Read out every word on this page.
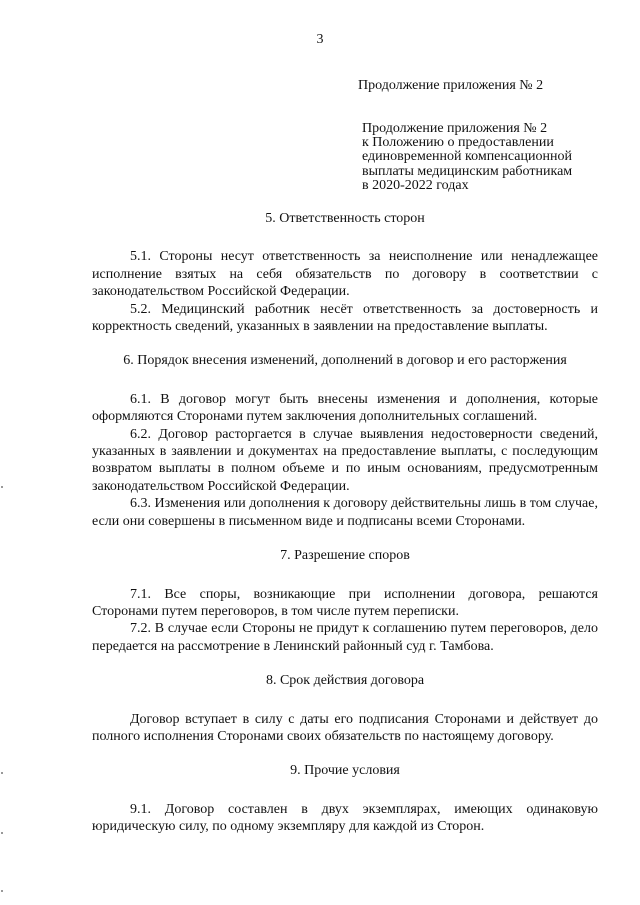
3
Продолжение приложения № 2
Продолжение приложения № 2
к Положению о предоставлении
единовременной компенсационной
выплаты медицинским работникам
в 2020-2022 годах

5. Ответственность сторон

5.1. Стороны несут ответственность за неисполнение или ненадлежащее исполнение взятых на себя обязательств по договору в соответствии с законодательством Российской Федерации.

5.2. Медицинский работник несёт ответственность за достоверность и корректность сведений, указанных в заявлении на предоставление выплаты.

6. Порядок внесения изменений, дополнений в договор и его расторжения

6.1. В договор могут быть внесены изменения и дополнения, которые оформляются Сторонами путем заключения дополнительных соглашений.

6.2. Договор расторгается в случае выявления недостоверности сведений, указанных в заявлении и документах на предоставление выплаты, с последующим возвратом выплаты в полном объеме и по иным основаниям, предусмотренным законодательством Российской Федерации.

6.3. Изменения или дополнения к договору действительны лишь в том случае, если они совершены в письменном виде и подписаны всеми Сторонами.

7. Разрешение споров

7.1. Все споры, возникающие при исполнении договора, решаются Сторонами путем переговоров, в том числе путем переписки.

7.2. В случае если Стороны не придут к соглашению путем переговоров, дело передается на рассмотрение в Ленинский районный суд г. Тамбова.

8. Срок действия договора

Договор вступает в силу с даты его подписания Сторонами и действует до полного исполнения Сторонами своих обязательств по настоящему договору.

9. Прочие условия

9.1. Договор составлен в двух экземплярах, имеющих одинаковую юридическую силу, по одному экземпляру для каждой из Сторон.
